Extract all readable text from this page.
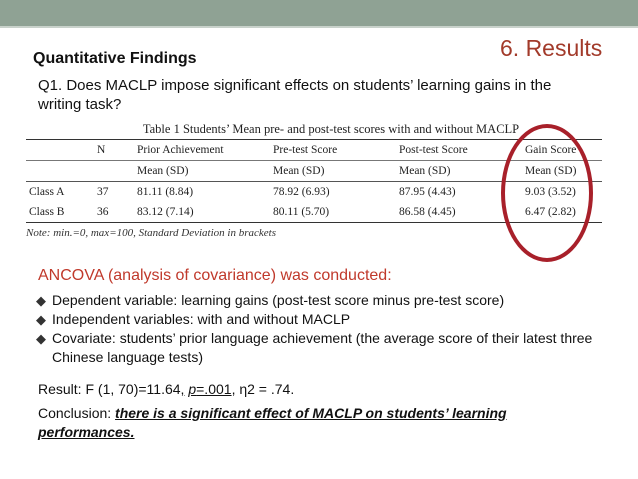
6. Results
Quantitative Findings
Q1. Does MACLP impose significant effects on students’ learning gains in the writing task?
Table 1 Students’ Mean pre- and post-test scores with and without MACLP
	N	Prior Achievement	Pre-test Score	Post-test Score	Gain Score
		Mean (SD)	Mean (SD)	Mean (SD)	Mean (SD)
Class A	37	81.11 (8.84)	78.92 (6.93)	87.95 (4.43)	9.03 (3.52)
Class B	36	83.12 (7.14)	80.11 (5.70)	86.58 (4.45)	6.47 (2.82)
Note: min.=0, max=100, Standard Deviation in brackets
ANCOVA (analysis of covariance) was conducted:
◆ Dependent variable: learning gains (post-test score minus pre-test score)
◆ Independent variables: with and without MACLP
◆ Covariate: students’ prior language achievement (the average score of their latest three Chinese language tests)
Result: F (1, 70)=11.64, p=.001, η2 = .74.
Conclusion: there is a significant effect of MACLP on students’ learning performances.
